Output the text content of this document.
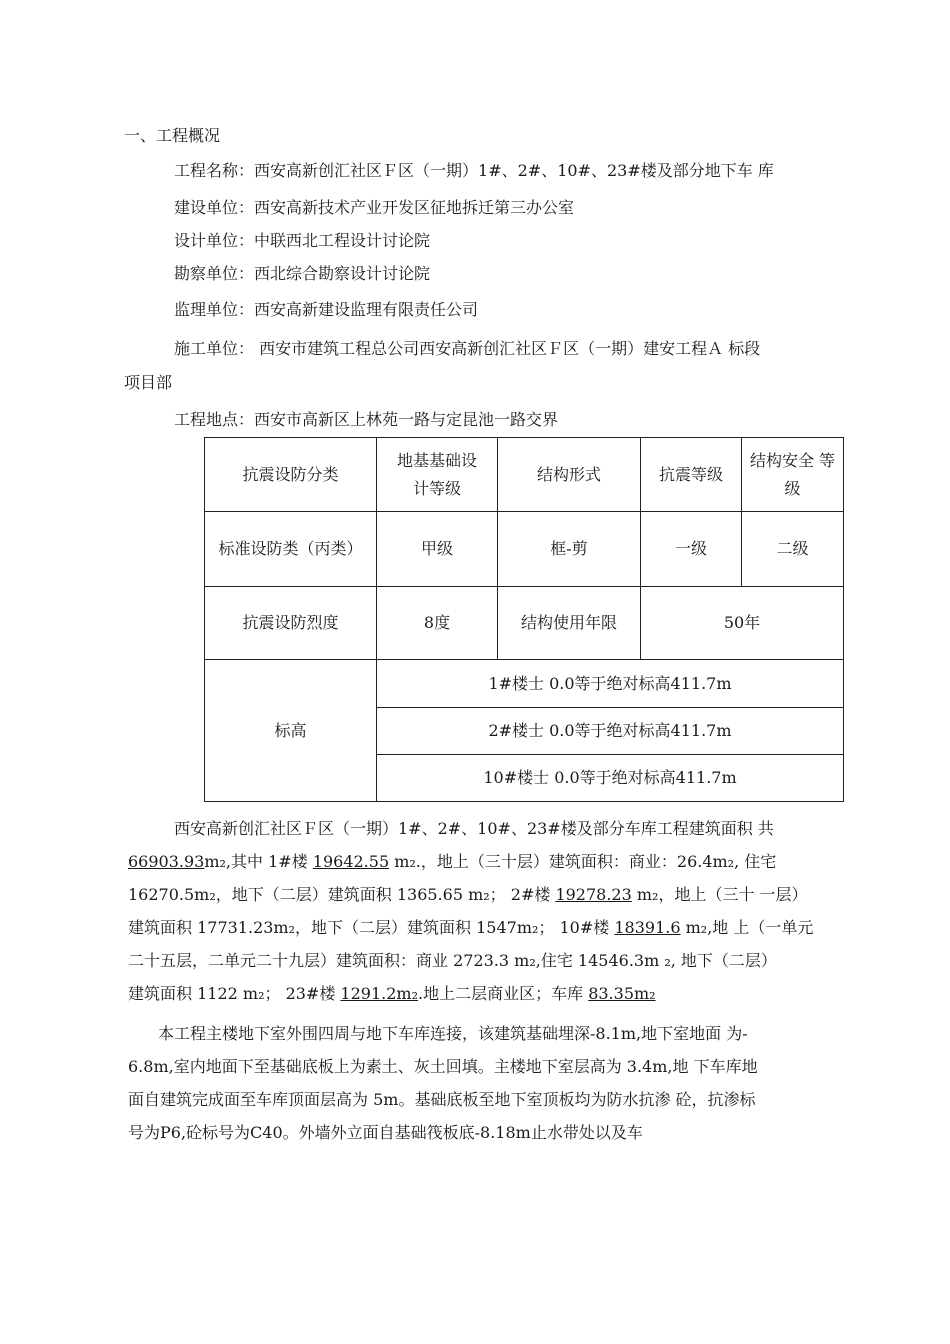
一、工程概况
工程名称：西安高新创汇社区Ｆ区（一期）1#、2#、10#、23#楼及部分地下车 库
建设单位：西安高新技术产业开发区征地拆迁第三办公室
设计单位：中联西北工程设计讨论院
勘察单位：西北综合勘察设计讨论院
监理单位：西安高新建设监理有限责任公司
施工单位： 西安市建筑工程总公司西安高新创汇社区Ｆ区（一期）建安工程Ａ 标段
项目部
工程地点：西安市高新区上林苑一路与定昆池一路交界
抗震设防分类	地基基础设计等级	结构形式	抗震等级	结构安全 等级
标准设防类（丙类）	甲级	框-剪	一级	二级
抗震设防烈度	8度	结构使用年限	50年	
标高	1#楼士 0.0等于绝对标高411.7m			
	2#楼士 0.0等于绝对标高411.7m			
	10#楼士 0.0等于绝对标高411.7m			
西安高新创汇社区Ｆ区（一期）1#、2#、10#、23#楼及部分车库工程建筑面积 共
66903.93m₂,其中 1#楼 19642.55 m₂.，地上（三十层）建筑面积：商业：26.4m₂, 住宅
16270.5m₂，地下（二层）建筑面积 1365.65 m₂； 2#楼 19278.23 m₂，地上（三十 一层）
建筑面积 17731.23m₂，地下（二层）建筑面积 1547m₂； 10#楼 18391.6 m₂,地 上（一单元
二十五层，二单元二十九层）建筑面积：商业 2723.3 m₂,住宅 14546.3m ₂, 地下（二层）
建筑面积 1122 m₂； 23#楼 1291.2m₂.地上二层商业区；车库 83.35m₂
本工程主楼地下室外围四周与地下车库连接，该建筑基础埋深-8.1m,地下室地面 为-
6.8m,室内地面下至基础底板上为素土、灰土回填。主楼地下室层高为 3.4m,地 下车库地
面自建筑完成面至车库顶面层高为 5m。基础底板至地下室顶板均为防水抗渗 砼，抗渗标
号为P6,砼标号为C40。外墙外立面自基础筏板底-8.18m止水带处以及车
